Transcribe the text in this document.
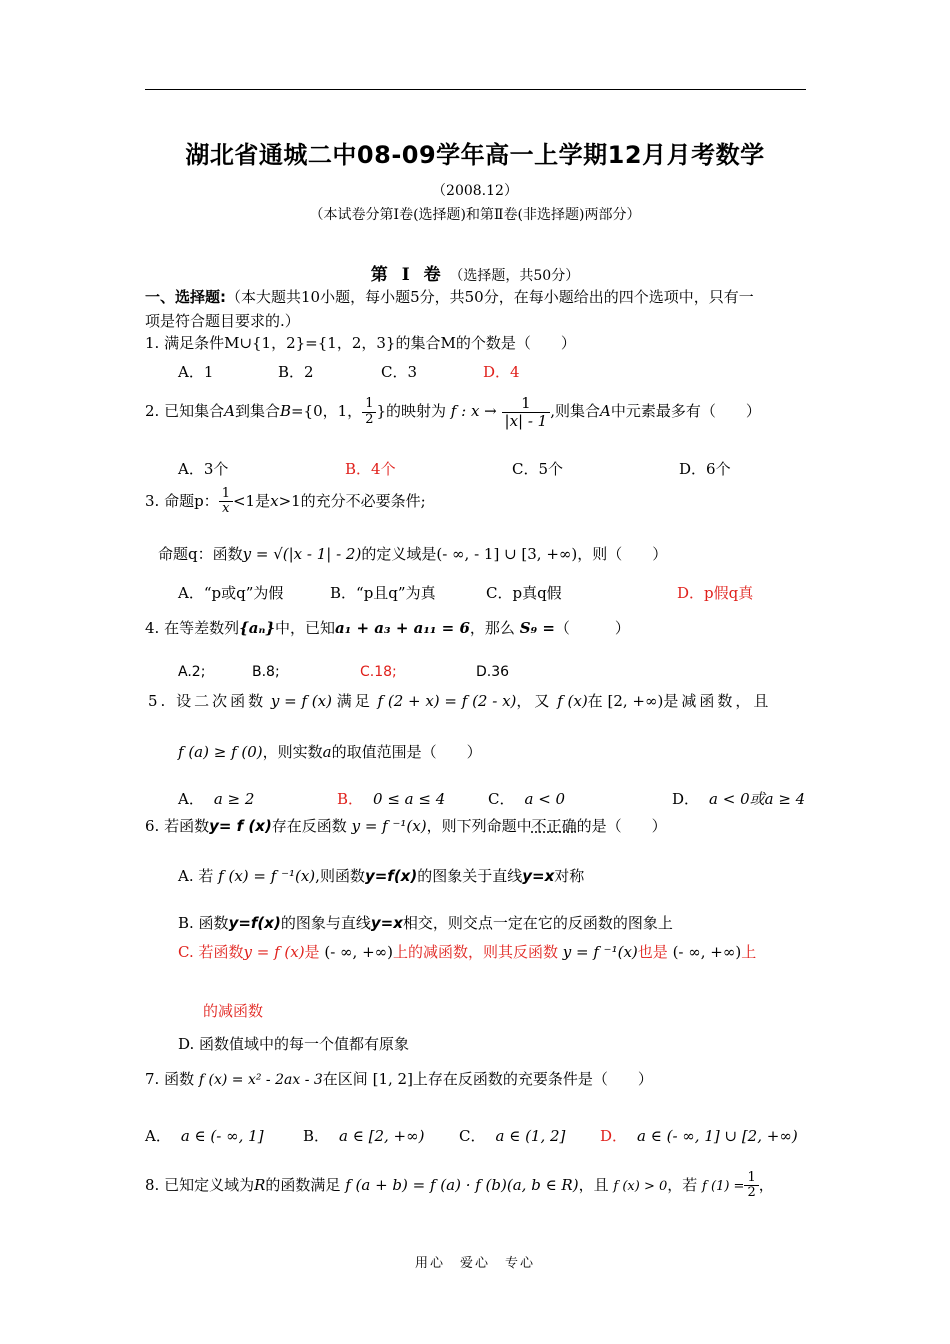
湖北省通城二中08-09学年高一上学期12月月考数学
（2008.12）
（本试卷分第Ⅰ卷(选择题)和第Ⅱ卷(非选择题)两部分）
第 Ⅰ 卷 （选择题，共50分）
一、选择题:（本大题共10小题，每小题5分，共50分，在每小题给出的四个选项中，只有一
项是符合题目要求的.）
1. 满足条件M∪{1，2}={1，2，3}的集合M的个数是（　　）
A．1	B．2	C．3	D．4
2. 已知集合A到集合B={0，1， $\frac{1}{2}$ }的映射为 f : $x \to \frac{1}{|x| - 1}$ ,则集合A中元素最多有（　　）
A．3个	B．4个	C．5个	D．6个
3. 命题p： $\frac{1}{x} <1$是x>1的充分不必要条件;
命题q：函数y = √(|x - 1| - 2)的定义域是(- ∞, - 1] ∪ [3, +∞)，则（　　）
A．“p或q”为假	B．“p且q”为真	C．p真q假	D．p假q真
4. 在等差数列{aₙ}中，已知a₁ + a₃ + a₁₁ = 6，那么 S₉ =（　　　）
A.2;	B.8;	C.18;	D.36
5. 设二次函数 y = f (x) 满足 f (2 + x) = f (2 - x)，又 f (x)在 [2, +∞)是减函数，且
f (a) ≥ f (0)，则实数a的取值范围是（　　）
A． a ≥ 2	B． 0 ≤ a ≤ 4	C． a < 0	D． a < 0或a ≥ 4
6. 若函数y= f (x)存在反函数 y = f ⁻¹(x)，则下列命题中不正确的是（　　）
A. 若 f (x) = f ⁻¹(x),则函数y=f(x)的图象关于直线y=x对称
B. 函数y=f(x)的图象与直线y=x相交，则交点一定在它的反函数的图象上
C. 若函数y = f (x)是 (- ∞, +∞)上的减函数，则其反函数 y = f ⁻¹(x)也是 (- ∞, +∞)上
的减函数
D. 函数值域中的每一个值都有原象
7. 函数 f (x) = x² - 2ax - 3在区间 [1, 2]上存在反函数的充要条件是（　　）
A． a ∈ (- ∞, 1]	B． a ∈ [2, +∞) C． a ∈ (1, 2] D． a ∈ (- ∞, 1] ∪ [2, +∞)
8. 已知定义域为R的函数满足 f (a + b) = f (a) · f (b)(a, b ∈ R)，且 f (x) > 0，若 f $(1) = \frac{1}{2}$ ，
用心　爱心　专心
